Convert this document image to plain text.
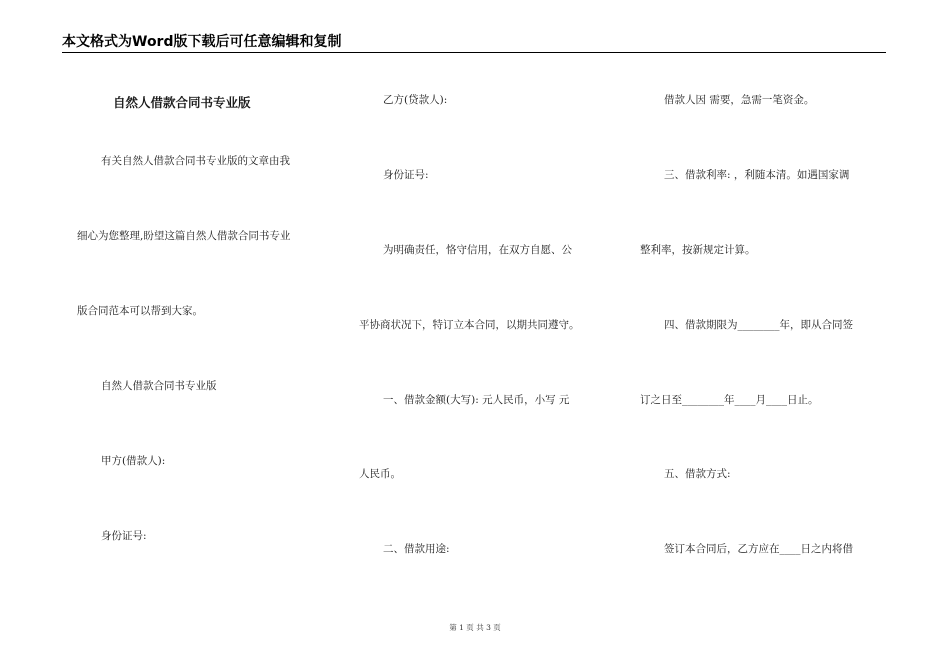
本文格式为Word版下载后可任意编辑和复制
自然人借款合同书专业版
有关自然人借款合同书专业版的文章由我
细心为您整理,盼望这篇自然人借款合同书专业
版合同范本可以帮到大家。
自然人借款合同书专业版
甲方(借款人):
身份证号:
乙方(贷款人):
身份证号:
为明确责任，恪守信用，在双方自愿、公
平协商状况下，特订立本合同，以期共同遵守。
一、借款金额(大写): 元人民币，小写 元
人民币。
二、借款用途:
借款人因 需要，急需一笔资金。
三、借款利率: ，利随本清。如遇国家调
整利率，按新规定计算。
四、借款期限为________年，即从合同签
订之日至________年____月____日止。
五、借款方式:
签订本合同后，乙方应在____日之内将借
第 1 页 共 3 页
